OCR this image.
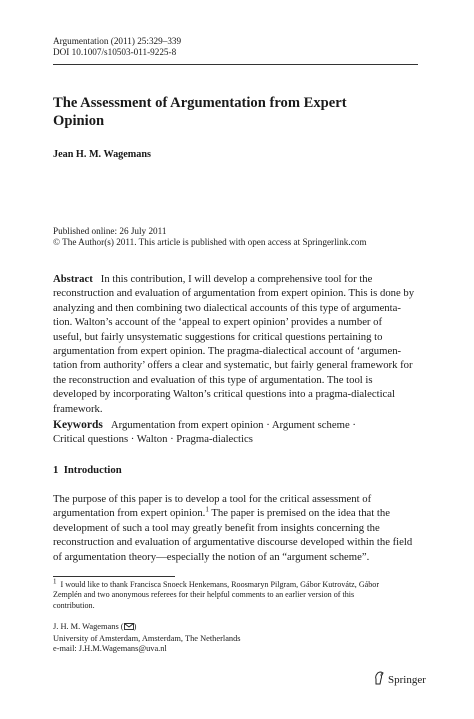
Argumentation (2011) 25:329–339
DOI 10.1007/s10503-011-9225-8
The Assessment of Argumentation from Expert
Opinion
Jean H. M. Wagemans
Published online: 26 July 2011
© The Author(s) 2011. This article is published with open access at Springerlink.com
Abstract In this contribution, I will develop a comprehensive tool for the
reconstruction and evaluation of argumentation from expert opinion. This is done by
analyzing and then combining two dialectical accounts of this type of argumenta-
tion. Walton’s account of the ‘appeal to expert opinion’ provides a number of
useful, but fairly unsystematic suggestions for critical questions pertaining to
argumentation from expert opinion. The pragma-dialectical account of ‘argumen-
tation from authority’ offers a clear and systematic, but fairly general framework for
the reconstruction and evaluation of this type of argumentation. The tool is
developed by incorporating Walton’s critical questions into a pragma-dialectical
framework.
Keywords Argumentation from expert opinion · Argument scheme ·
Critical questions · Walton · Pragma-dialectics
1 Introduction
The purpose of this paper is to develop a tool for the critical assessment of
argumentation from expert opinion.$^1$ The paper is premised on the idea that the
development of such a tool may greatly benefit from insights concerning the
reconstruction and evaluation of argumentative discourse developed within the field
of argumentation theory—especially the notion of an “argument scheme”.
$^1$ I would like to thank Francisca Snoeck Henkemans, Roosmaryn Pilgram, Gábor Kutrovátz, Gábor
Zemplén and two anonymous referees for their helpful comments to an earlier version of this
contribution.
J. H. M. Wagemans ( )
University of Amsterdam, Amsterdam, The Netherlands
e-mail: J.H.M.Wagemans@uva.nl
Springer
